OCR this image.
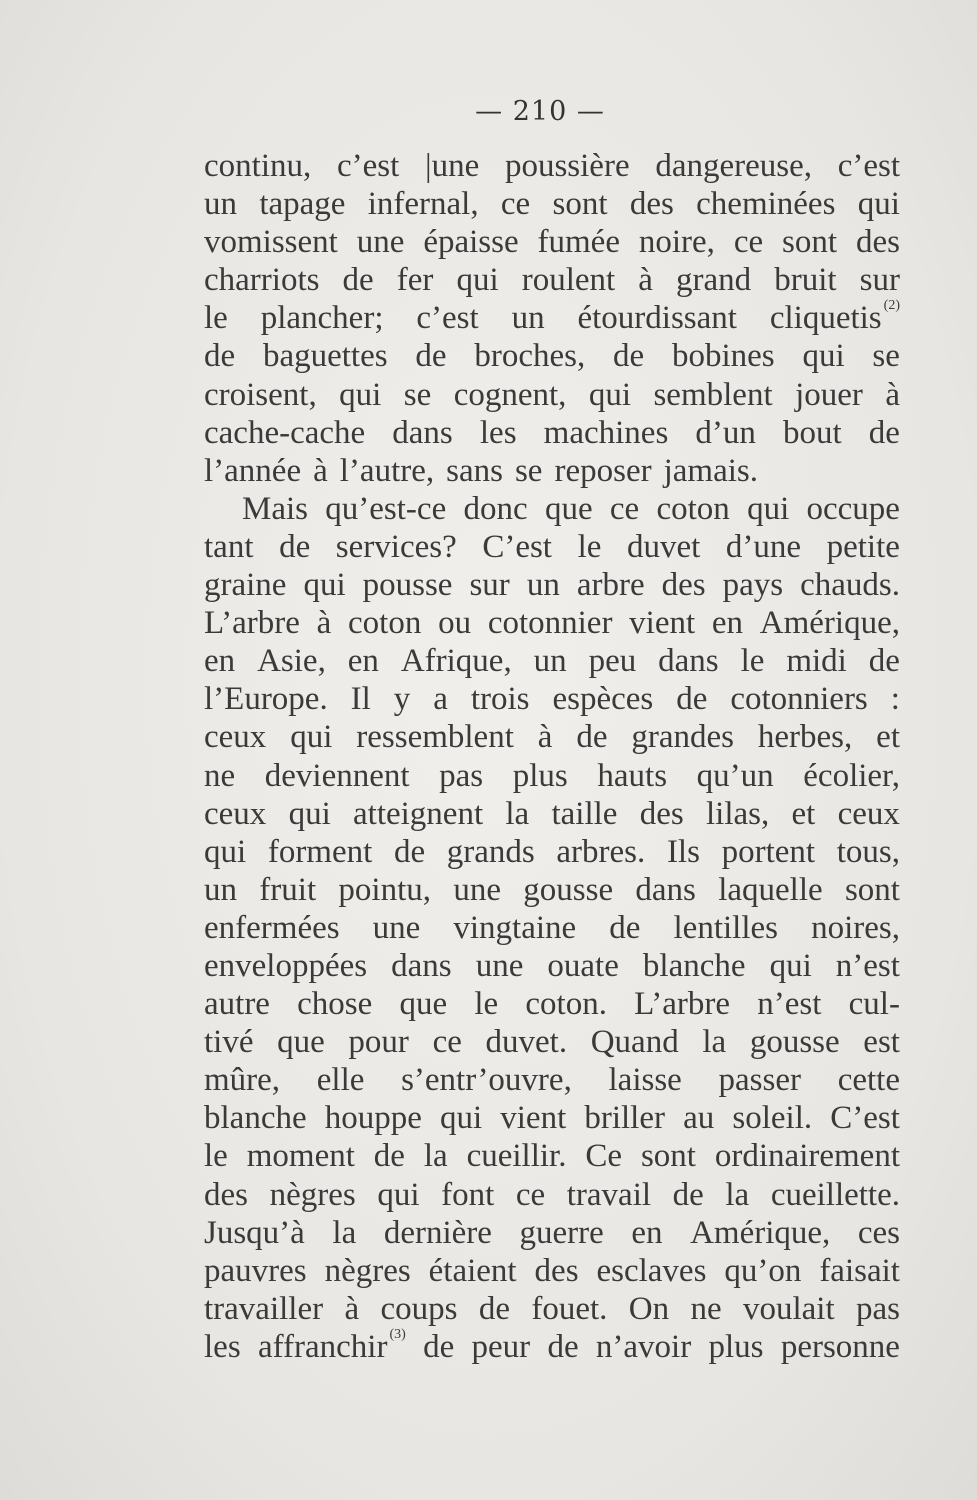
— 210 —
continu, c’est |une poussière dangereuse, c’est
un tapage infernal, ce sont des cheminées qui
vomissent une épaisse fumée noire, ce sont des
charriots de fer qui roulent à grand bruit sur
le plancher; c’est un étourdissant cliquetis $^{(2)}$
de baguettes de broches, de bobines qui se
croisent, qui se cognent, qui semblent jouer à
cache-cache dans les machines d’un bout de
l’année à l’autre, sans se reposer jamais.
Mais qu’est-ce donc que ce coton qui occupe
tant de services? C’est le duvet d’une petite
graine qui pousse sur un arbre des pays chauds.
L’arbre à coton ou cotonnier vient en Amérique,
en Asie, en Afrique, un peu dans le midi de
l’Europe. Il y a trois espèces de cotonniers :
ceux qui ressemblent à de grandes herbes, et
ne deviennent pas plus hauts qu’un écolier,
ceux qui atteignent la taille des lilas, et ceux
qui forment de grands arbres. Ils portent tous,
un fruit pointu, une gousse dans laquelle sont
enfermées une vingtaine de lentilles noires,
enveloppées dans une ouate blanche qui n’est
autre chose que le coton. L’arbre n’est cul-
tivé que pour ce duvet. Quand la gousse est
mûre, elle s’entr’ouvre, laisse passer cette
blanche houppe qui vient briller au soleil. C’est
le moment de la cueillir. Ce sont ordinairement
des nègres qui font ce travail de la cueillette.
Jusqu’à la dernière guerre en Amérique, ces
pauvres nègres étaient des esclaves qu’on faisait
travailler à coups de fouet. On ne voulait pas
les affranchir $^{(3)}$ de peur de n’avoir plus personne
